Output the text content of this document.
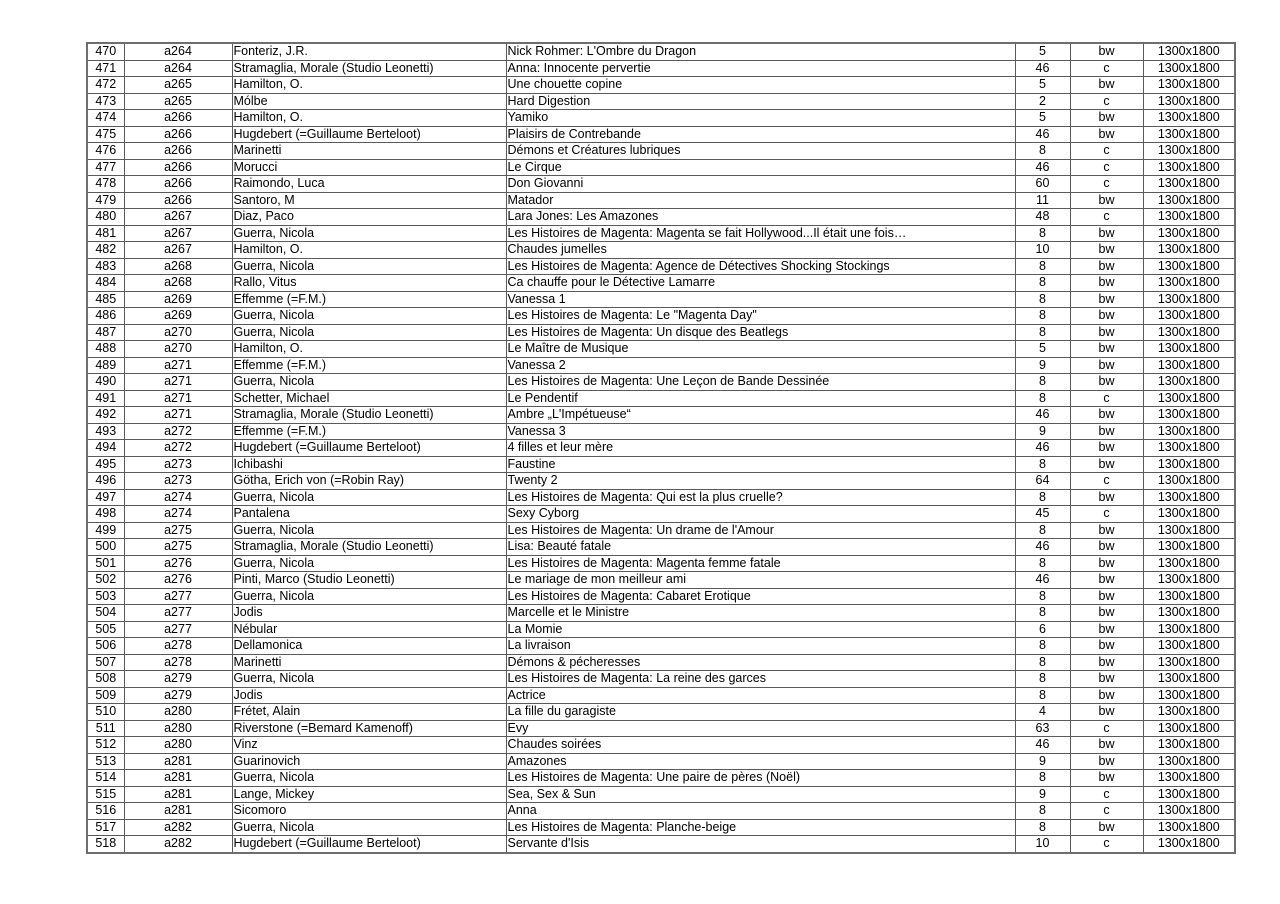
470	a264	Fonteriz, J.R.	Nick Rohmer: L'Ombre du Dragon	5	bw	1300x1800
471	a264	Stramaglia, Morale (Studio Leonetti)	Anna: Innocente pervertie	46	c	1300x1800
472	a265	Hamilton, O.	Une chouette copine	5	bw	1300x1800
473	a265	Mólbe	Hard Digestion	2	c	1300x1800
474	a266	Hamilton, O.	Yamiko	5	bw	1300x1800
475	a266	Hugdebert (=Guillaume Berteloot)	Plaisirs de Contrebande	46	bw	1300x1800
476	a266	Marinetti	Démons et Créatures lubriques	8	c	1300x1800
477	a266	Morucci	Le Cirque	46	c	1300x1800
478	a266	Raimondo, Luca	Don Giovanni	60	c	1300x1800
479	a266	Santoro, M	Matador	11	bw	1300x1800
480	a267	Diaz, Paco	Lara Jones: Les Amazones	48	c	1300x1800
481	a267	Guerra, Nicola	Les Histoires de Magenta: Magenta se fait Hollywood...Il était une fois…	8	bw	1300x1800
482	a267	Hamilton, O.	Chaudes jumelles	10	bw	1300x1800
483	a268	Guerra, Nicola	Les Histoires de Magenta: Agence de Détectives Shocking Stockings	8	bw	1300x1800
484	a268	Rallo, Vitus	Ca chauffe pour le Détective Lamarre	8	bw	1300x1800
485	a269	Effemme (=F.M.)	Vanessa 1	8	bw	1300x1800
486	a269	Guerra, Nicola	Les Histoires de Magenta: Le "Magenta Day"	8	bw	1300x1800
487	a270	Guerra, Nicola	Les Histoires de Magenta: Un disque des Beatlegs	8	bw	1300x1800
488	a270	Hamilton, O.	Le Maître de Musique	5	bw	1300x1800
489	a271	Effemme (=F.M.)	Vanessa 2	9	bw	1300x1800
490	a271	Guerra, Nicola	Les Histoires de Magenta: Une Leçon de Bande Dessinée	8	bw	1300x1800
491	a271	Schetter, Michael	Le Pendentif	8	c	1300x1800
492	a271	Stramaglia, Morale (Studio Leonetti)	Ambre „L'Impétueuse“	46	bw	1300x1800
493	a272	Effemme (=F.M.)	Vanessa 3	9	bw	1300x1800
494	a272	Hugdebert (=Guillaume Berteloot)	4 filles et leur mère	46	bw	1300x1800
495	a273	Ichibashi	Faustine	8	bw	1300x1800
496	a273	Götha, Erich von (=Robin Ray)	Twenty 2	64	c	1300x1800
497	a274	Guerra, Nicola	Les Histoires de Magenta: Qui est la plus cruelle?	8	bw	1300x1800
498	a274	Pantalena	Sexy Cyborg	45	c	1300x1800
499	a275	Guerra, Nicola	Les Histoires de Magenta: Un drame de l'Amour	8	bw	1300x1800
500	a275	Stramaglia, Morale (Studio Leonetti)	Lisa: Beauté fatale	46	bw	1300x1800
501	a276	Guerra, Nicola	Les Histoires de Magenta: Magenta femme fatale	8	bw	1300x1800
502	a276	Pinti, Marco (Studio Leonetti)	Le mariage de mon meilleur ami	46	bw	1300x1800
503	a277	Guerra, Nicola	Les Histoires de Magenta: Cabaret Erotique	8	bw	1300x1800
504	a277	Jodis	Marcelle et le Ministre	8	bw	1300x1800
505	a277	Nébular	La Momie	6	bw	1300x1800
506	a278	Dellamonica	La livraison	8	bw	1300x1800
507	a278	Marinetti	Démons & pécheresses	8	bw	1300x1800
508	a279	Guerra, Nicola	Les Histoires de Magenta: La reine des garces	8	bw	1300x1800
509	a279	Jodis	Actrice	8	bw	1300x1800
510	a280	Frétet, Alain	La fille du garagiste	4	bw	1300x1800
511	a280	Riverstone (=Bemard Kamenoff)	Evy	63	c	1300x1800
512	a280	Vinz	Chaudes soirées	46	bw	1300x1800
513	a281	Guarinovich	Amazones	9	bw	1300x1800
514	a281	Guerra, Nicola	Les Histoires de Magenta: Une paire de pères (Noël)	8	bw	1300x1800
515	a281	Lange, Mickey	Sea, Sex & Sun	9	c	1300x1800
516	a281	Sicomoro	Anna	8	c	1300x1800
517	a282	Guerra, Nicola	Les Histoires de Magenta: Planche-beige	8	bw	1300x1800
518	a282	Hugdebert (=Guillaume Berteloot)	Servante d'Isis	10	c	1300x1800
